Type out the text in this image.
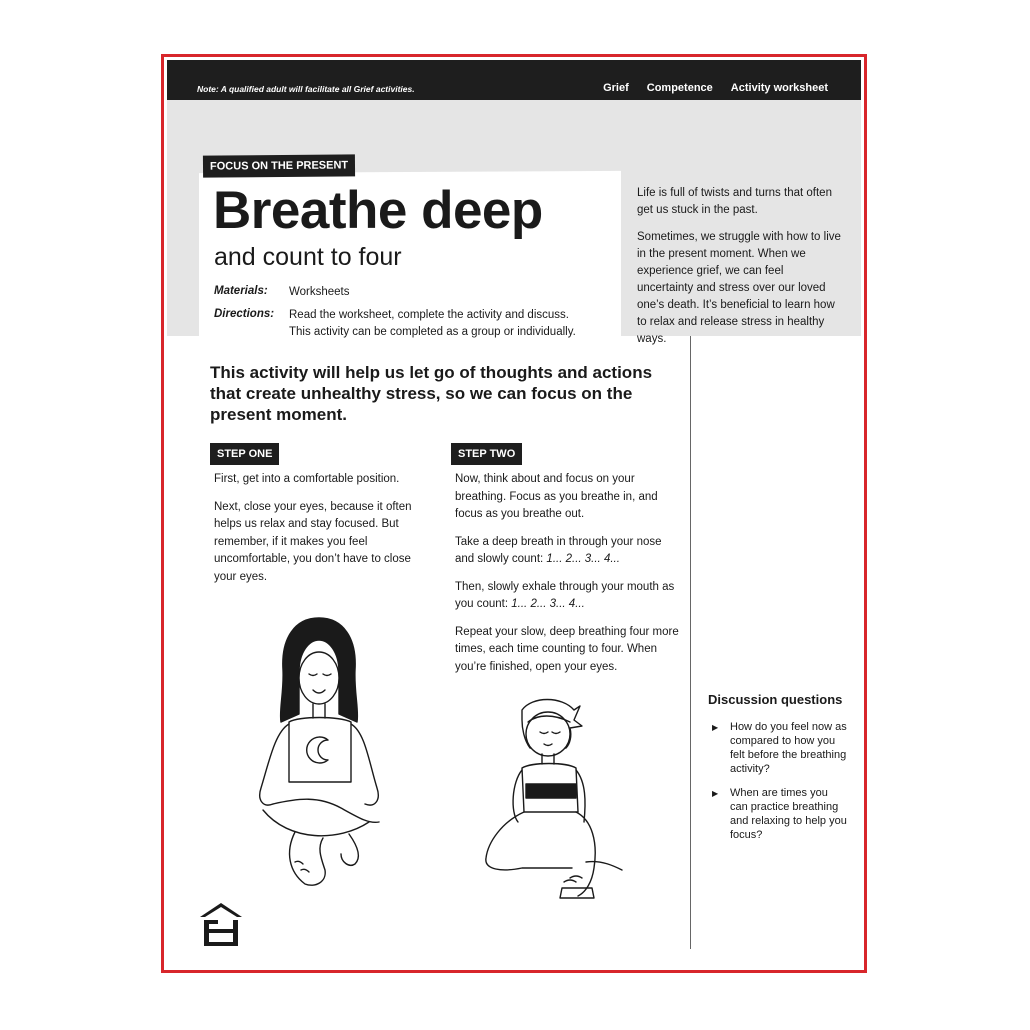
Note: A qualified adult will facilitate all Grief activities.	Grief Competence Activity worksheet
FOCUS ON THE PRESENT
Breathe deep
and count to four
Materials: Worksheets
Directions: Read the worksheet, complete the activity and discuss.
This activity can be completed as a group or individually.

Life is full of twists and turns that often get us stuck in the past.

Sometimes, we struggle with how to live in the present moment. When we experience grief, we can feel uncertainty and stress over our loved one’s death. It’s beneficial to learn how to relax and release stress in healthy ways.

This activity will help us let go of thoughts and actions that create unhealthy stress, so we can focus on the present moment.
STEP ONE

First, get into a comfortable position.

Next, close your eyes, because it often helps us relax and stay focused. But remember, if it makes you feel uncomfortable, you don’t have to close your eyes.

STEP TWO

Now, think about and focus on your breathing. Focus as you breathe in, and focus as you breathe out.

Take a deep breath in through your nose and slowly count: 1... 2... 3... 4...

Then, slowly exhale through your mouth as you count: 1... 2... 3... 4...

Repeat your slow, deep breathing four more times, each time counting to four. When you’re finished, open your eyes.

Discussion questions
▶ How do you feel now as compared to how you felt before the breathing activity?
▶ When are times you can practice breathing and relaxing to help you focus?
